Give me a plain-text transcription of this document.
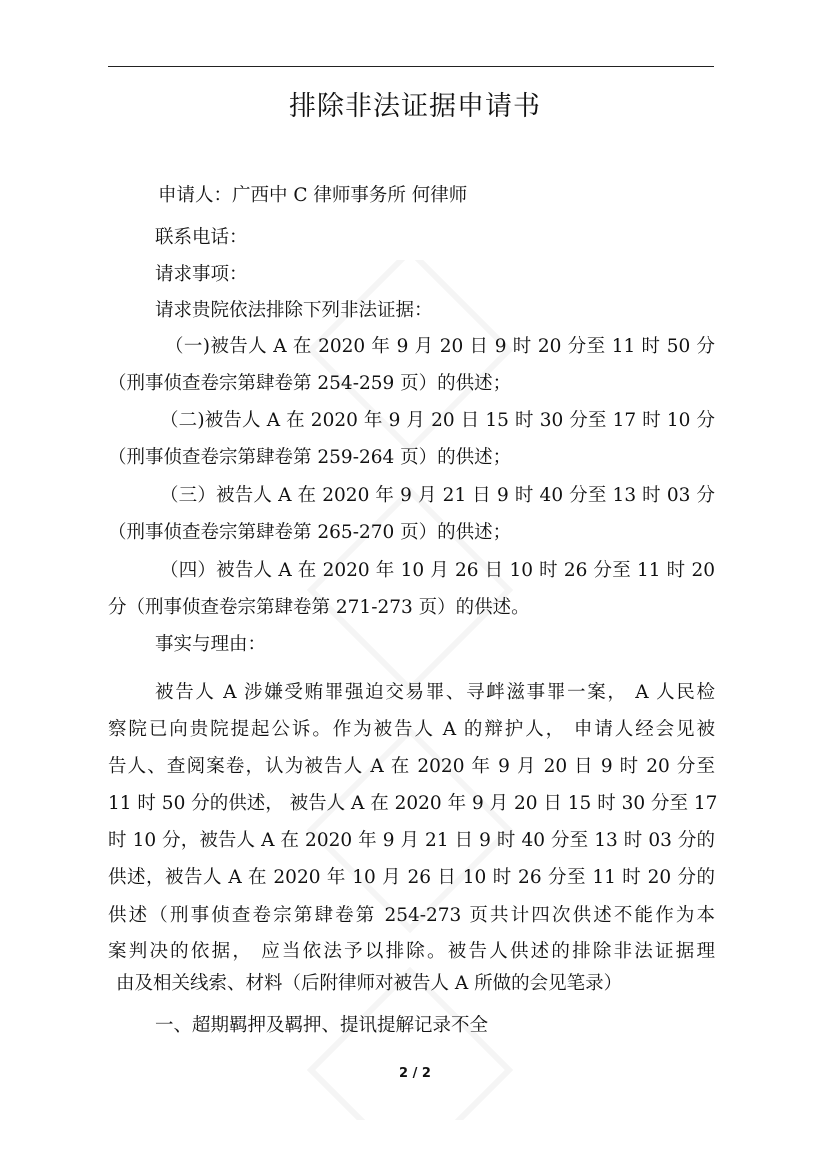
排除非法证据申请书

申请人：广西中 C 律师事务所 何律师

联系电话：

请求事项：

请求贵院依法排除下列非法证据：

（一)被告人 A 在 2020 年 9 月 20 日 9 时 20 分至 11 时 50 分

（刑事侦查卷宗第肆卷第 254-259 页）的供述；

（二)被告人 A 在 2020 年 9 月 20 日 15 时 30 分至 17 时 10 分

（刑事侦查卷宗第肆卷第 259-264 页）的供述；

（三）被告人 A 在 2020 年 9 月 21 日 9 时 40 分至 13 时 03 分

（刑事侦查卷宗第肆卷第 265-270 页）的供述；

（四）被告人 A 在 2020 年 10 月 26 日 10 时 26 分至 11 时 20

分（刑事侦查卷宗第肆卷第 271-273 页）的供述。

事实与理由：

被告人 A 涉嫌受贿罪强迫交易罪、寻衅滋事罪一案， A 人民检

察院已向贵院提起公诉。作为被告人 A 的辩护人， 申请人经会见被

告人、查阅案卷，认为被告人 A 在 2020 年 9 月 20 日 9 时 20 分至

11 时 50 分的供述， 被告人 A 在 2020 年 9 月 20 日 15 时 30 分至 17

时 10 分，被告人 A 在 2020 年 9 月 21 日 9 时 40 分至 13 时 03 分的

供述，被告人 A 在 2020 年 10 月 26 日 10 时 26 分至 11 时 20 分的

供述（刑事侦查卷宗第肆卷第 254-273 页共计四次供述不能作为本

案判决的依据， 应当依法予以排除。被告人供述的排除非法证据理

由及相关线索、材料（后附律师对被告人 A 所做的会见笔录）

一、超期羁押及羁押、提讯提解记录不全

2 / 2
